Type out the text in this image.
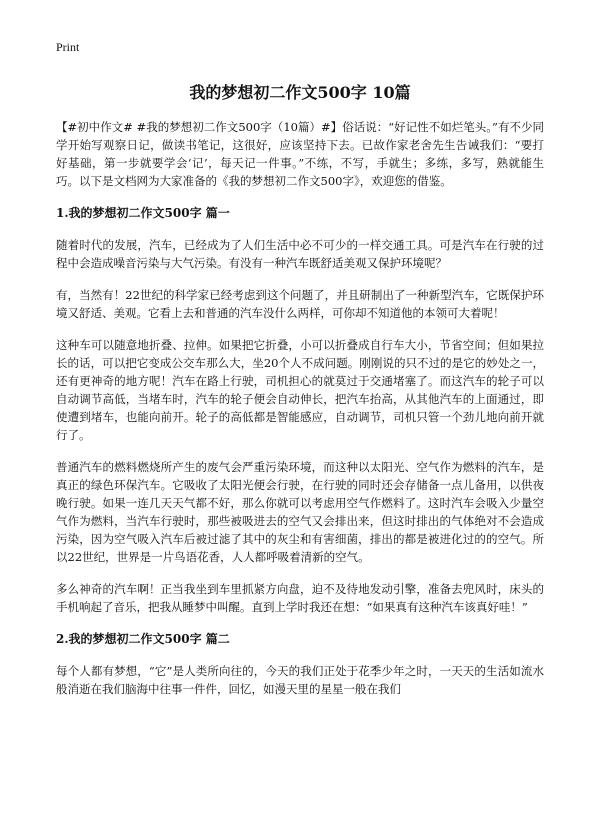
Print
我的梦想初二作文500字 10篇

【#初中作文# #我的梦想初二作文500字（10篇）#】俗话说：“好记性不如烂笔头。”有不少同学开始写观察日记，做读书笔记，这很好，应该坚持下去。已故作家老舍先生告诫我们：“要打好基础，第一步就要学会‘记’，每天记一件事。”不练，不写，手就生；多练，多写，熟就能生巧。以下是文档网为大家准备的《我的梦想初二作文500字》，欢迎您的借鉴。

1.我的梦想初二作文500字 篇一

随着时代的发展，汽车，已经成为了人们生活中必不可少的一样交通工具。可是汽车在行驶的过程中会造成噪音污染与大气污染。有没有一种汽车既舒适美观又保护环境呢？

有，当然有！22世纪的科学家已经考虑到这个问题了，并且研制出了一种新型汽车，它既保护环境又舒适、美观。它看上去和普通的汽车没什么两样，可你却不知道他的本领可大着呢！

这种车可以随意地折叠、拉伸。如果把它折叠，小可以折叠成自行车大小，节省空间；但如果拉长的话，可以把它变成公交车那么大，坐20个人不成问题。刚刚说的只不过的是它的妙处之一，还有更神奇的地方呢！汽车在路上行驶，司机担心的就莫过于交通堵塞了。而这汽车的轮子可以自动调节高低，当堵车时，汽车的轮子便会自动伸长，把汽车抬高，从其他汽车的上面通过，即使遭到堵车，也能向前开。轮子的高低都是智能感应，自动调节，司机只管一个劲儿地向前开就行了。

普通汽车的燃料燃烧所产生的废气会严重污染环境，而这种以太阳光、空气作为燃料的汽车，是真正的绿色环保汽车。它吸收了太阳光便会行驶，在行驶的同时还会存储备一点儿备用，以供夜晚行驶。如果一连几天天气都不好，那么你就可以考虑用空气作燃料了。这时汽车会吸入少量空气作为燃料，当汽车行驶时，那些被吸进去的空气又会排出来，但这时排出的气体绝对不会造成污染，因为空气吸入汽车后被过滤了其中的灰尘和有害细菌，排出的都是被进化过的的空气。所以22世纪，世界是一片鸟语花香，人人都呼吸着清新的空气。

多么神奇的汽车啊！正当我坐到车里抓紧方向盘，迫不及待地发动引擎，准备去兜风时，床头的手机响起了音乐，把我从睡梦中叫醒。直到上学时我还在想：“如果真有这种汽车该真好哇！”

2.我的梦想初二作文500字 篇二

每个人都有梦想，“它”是人类所向往的，今天的我们正处于花季少年之时，一天天的生活如流水般消逝在我们脑海中往事一件件，回忆，如漫天里的星星一般在我们
